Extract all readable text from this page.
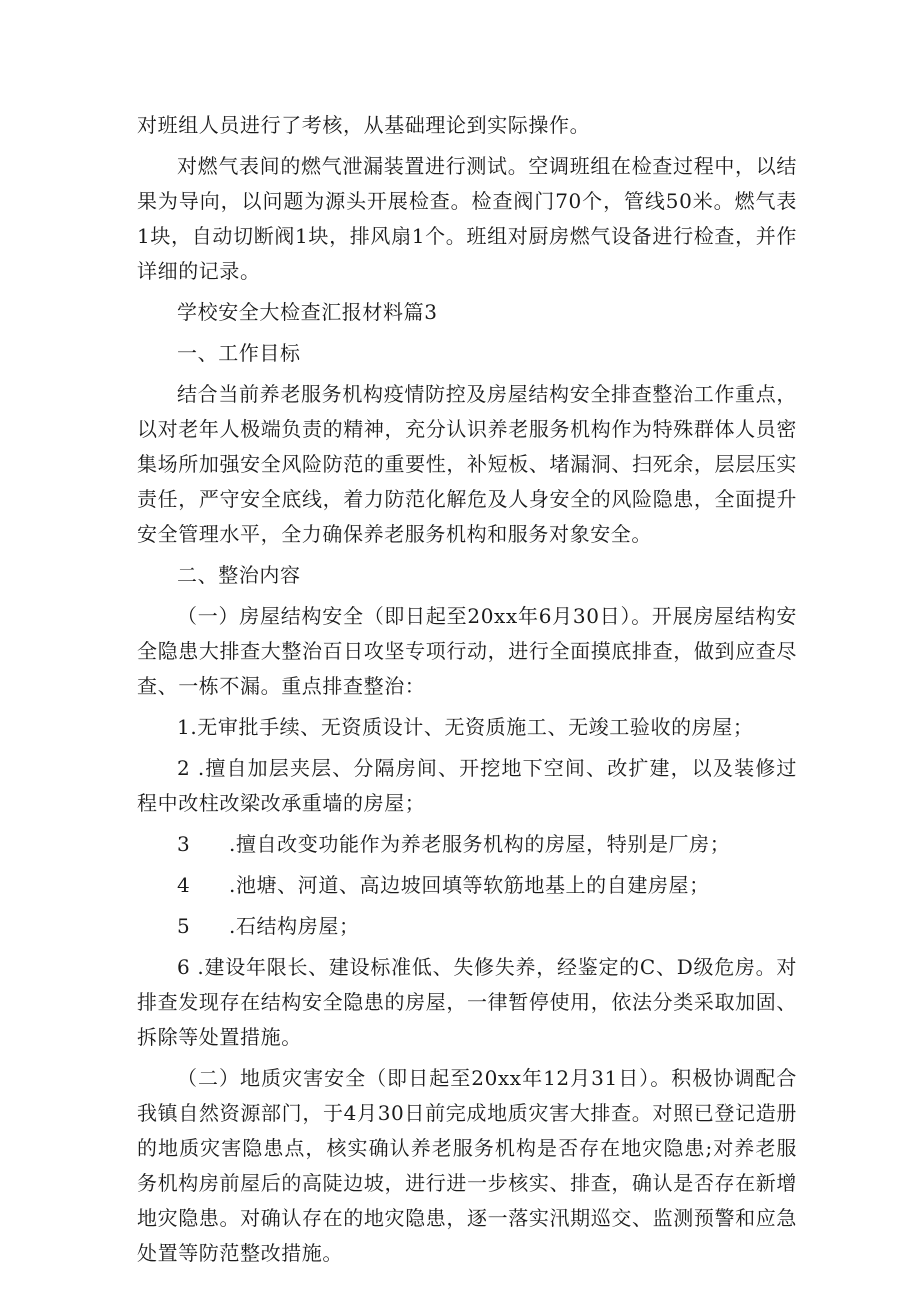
对班组人员进行了考核，从基础理论到实际操作。

对燃气表间的燃气泄漏装置进行测试。空调班组在检查过程中，以结果为导向，以问题为源头开展检查。检查阀门70个，管线50米。燃气表1块，自动切断阀1块，排风扇1个。班组对厨房燃气设备进行检查，并作详细的记录。

学校安全大检查汇报材料篇3

一、工作目标

结合当前养老服务机构疫情防控及房屋结构安全排查整治工作重点，以对老年人极端负责的精神，充分认识养老服务机构作为特殊群体人员密集场所加强安全风险防范的重要性，补短板、堵漏洞、扫死余，层层压实责任，严守安全底线，着力防范化解危及人身安全的风险隐患，全面提升安全管理水平，全力确保养老服务机构和服务对象安全。

二、整治内容

（一）房屋结构安全（即日起至20xx年6月30日）。开展房屋结构安全隐患大排查大整治百日攻坚专项行动，进行全面摸底排查，做到应查尽查、一栋不漏。重点排查整治：

1.无审批手续、无资质设计、无资质施工、无竣工验收的房屋；

2 .擅自加层夹层、分隔房间、开挖地下空间、改扩建，以及装修过程中改柱改梁改承重墙的房屋；

3 .擅自改变功能作为养老服务机构的房屋，特别是厂房；

4 .池塘、河道、高边坡回填等软筋地基上的自建房屋；

5 .石结构房屋；

6 .建设年限长、建设标准低、失修失养，经鉴定的C、D级危房。对排查发现存在结构安全隐患的房屋，一律暂停使用，依法分类采取加固、拆除等处置措施。

（二）地质灾害安全（即日起至20xx年12月31日）。积极协调配合我镇自然资源部门，于4月30日前完成地质灾害大排查。对照已登记造册的地质灾害隐患点，核实确认养老服务机构是否存在地灾隐患;对养老服务机构房前屋后的高陡边坡，进行进一步核实、排查，确认是否存在新增地灾隐患。对确认存在的地灾隐患，逐一落实汛期巡交、监测预警和应急处置等防范整改措施。
